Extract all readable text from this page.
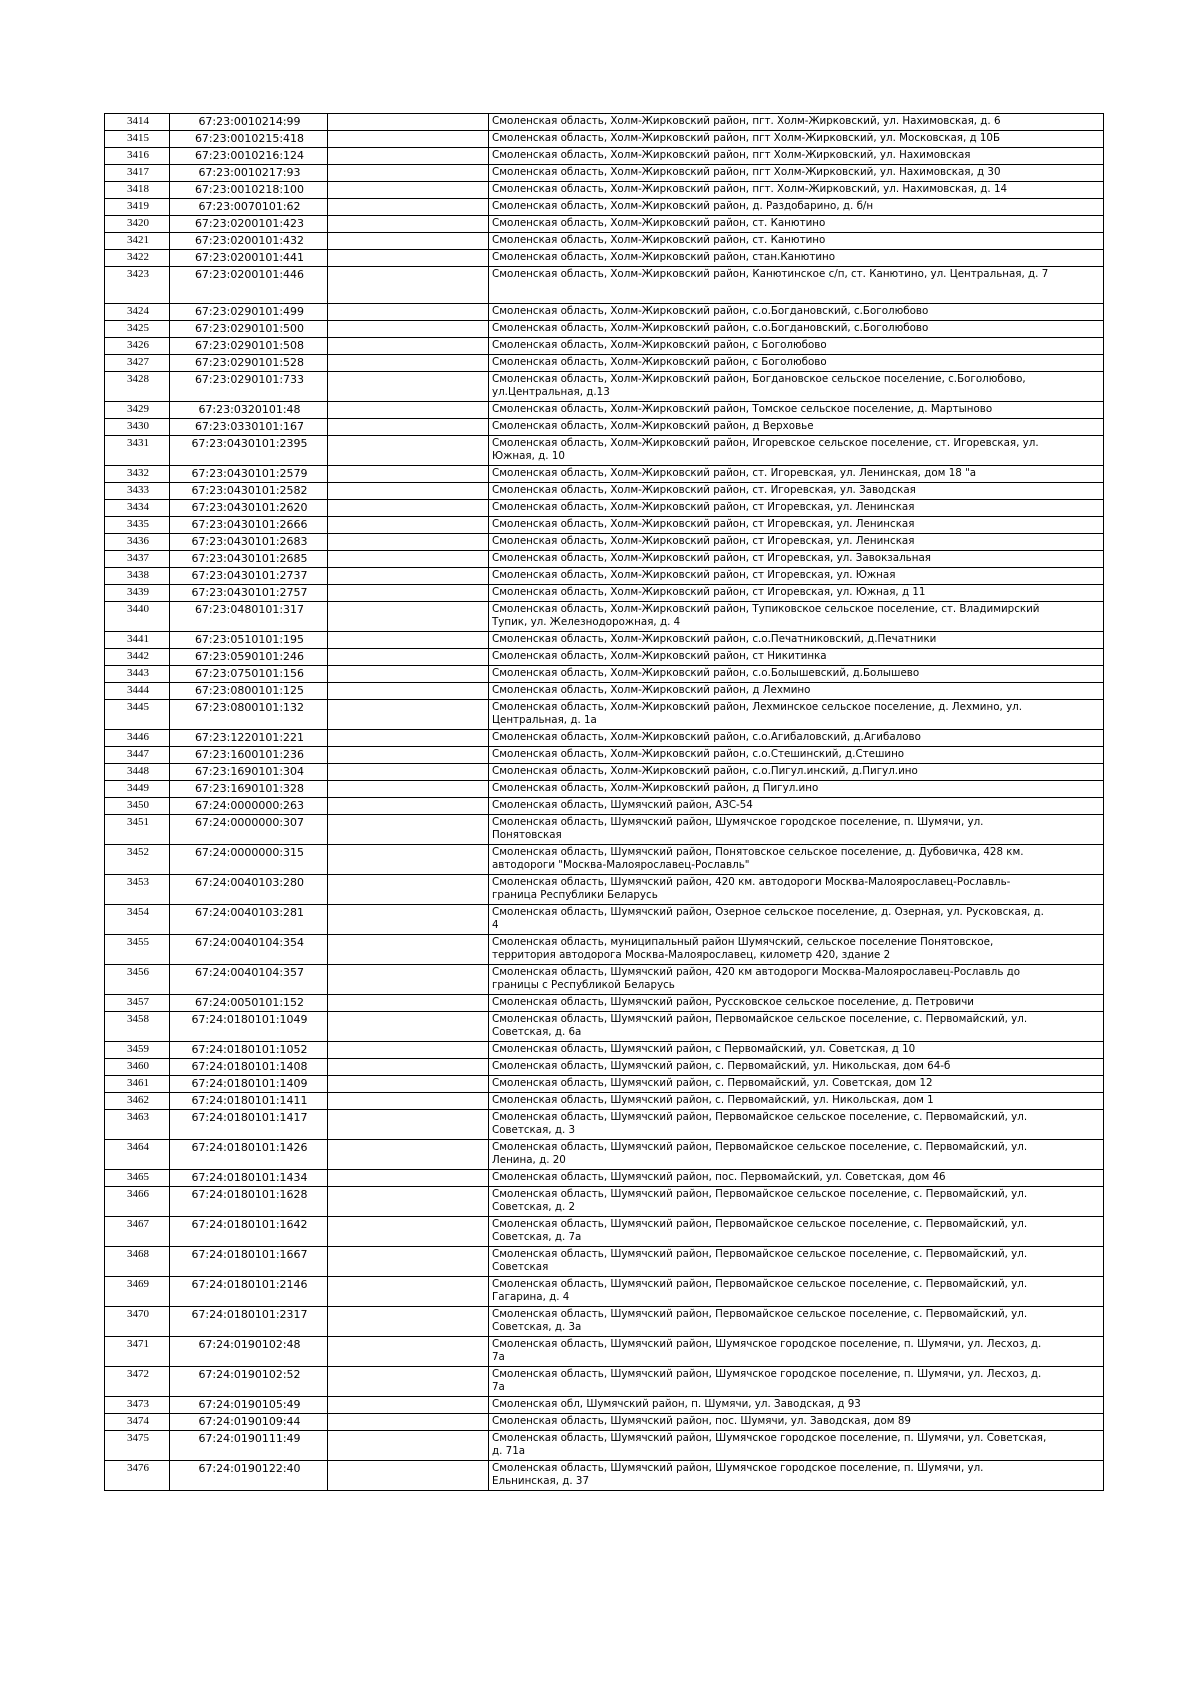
3414	67:23:0010214:99		Смоленская область, Холм-Жирковский район, пгт. Холм-Жирковский, ул. Нахимовская, д. 6

3415	67:23:0010215:418		Смоленская область, Холм-Жирковский район, пгт Холм-Жирковский, ул. Московская, д 10Б

3416	67:23:0010216:124		Смоленская область, Холм-Жирковский район, пгт Холм-Жирковский, ул. Нахимовская

3417	67:23:0010217:93		Смоленская область, Холм-Жирковский район, пгт Холм-Жирковский, ул. Нахимовская, д 30

3418	67:23:0010218:100		Смоленская область, Холм-Жирковский район, пгт. Холм-Жирковский, ул. Нахимовская, д. 14

3419	67:23:0070101:62		Смоленская область, Холм-Жирковский район, д. Раздобарино, д. б/н

3420	67:23:0200101:423		Смоленская область, Холм-Жирковский район, ст. Канютино

3421	67:23:0200101:432		Смоленская область, Холм-Жирковский район, ст. Канютино

3422	67:23:0200101:441		Смоленская область, Холм-Жирковский район, стан.Канютино

3423	67:23:0200101:446		Смоленская область, Холм-Жирковский район, Канютинское с/п, ст. Канютино, ул. Центральная, д. 7

3424	67:23:0290101:499		Смоленская область, Холм-Жирковский район, с.о.Богдановский, с.Боголюбово

3425	67:23:0290101:500		Смоленская область, Холм-Жирковский район, с.о.Богдановский, с.Боголюбово

3426	67:23:0290101:508		Смоленская область, Холм-Жирковский район, с Боголюбово

3427	67:23:0290101:528		Смоленская область, Холм-Жирковский район, с Боголюбово

3428	67:23:0290101:733		Смоленская область, Холм-Жирковский район, Богдановское сельское поселение, с.Боголюбово,
ул.Центральная, д.13

3429	67:23:0320101:48		Смоленская область, Холм-Жирковский район, Томское сельское поселение, д. Мартыново

3430	67:23:0330101:167		Смоленская область, Холм-Жирковский район, д Верховье

3431	67:23:0430101:2395		Смоленская область, Холм-Жирковский район, Игоревское сельское поселение, ст. Игоревская, ул.
Южная, д. 10

3432	67:23:0430101:2579		Смоленская область, Холм-Жирковский район, ст. Игоревская, ул. Ленинская, дом 18 "а

3433	67:23:0430101:2582		Смоленская область, Холм-Жирковский район, ст. Игоревская, ул. Заводская

3434	67:23:0430101:2620		Смоленская область, Холм-Жирковский район, ст Игоревская, ул. Ленинская

3435	67:23:0430101:2666		Смоленская область, Холм-Жирковский район, ст Игоревская, ул. Ленинская

3436	67:23:0430101:2683		Смоленская область, Холм-Жирковский район, ст Игоревская, ул. Ленинская

3437	67:23:0430101:2685		Смоленская область, Холм-Жирковский район, ст Игоревская, ул. Завокзальная

3438	67:23:0430101:2737		Смоленская область, Холм-Жирковский район, ст Игоревская, ул. Южная

3439	67:23:0430101:2757		Смоленская область, Холм-Жирковский район, ст Игоревская, ул. Южная, д 11

3440	67:23:0480101:317		Смоленская область, Холм-Жирковский район, Тупиковское сельское поселение, ст. Владимирский
Тупик, ул. Железнодорожная, д. 4

3441	67:23:0510101:195		Смоленская область, Холм-Жирковский район, с.о.Печатниковский, д.Печатники

3442	67:23:0590101:246		Смоленская область, Холм-Жирковский район, ст Никитинка

3443	67:23:0750101:156		Смоленская область, Холм-Жирковский район, с.о.Болышевский, д.Болышево

3444	67:23:0800101:125		Смоленская область, Холм-Жирковский район, д Лехмино

3445	67:23:0800101:132		Смоленская область, Холм-Жирковский район, Лехминское сельское поселение, д. Лехмино, ул.
Центральная, д. 1а

3446	67:23:1220101:221		Смоленская область, Холм-Жирковский район, с.о.Агибаловский, д.Агибалово

3447	67:23:1600101:236		Смоленская область, Холм-Жирковский район, с.о.Стешинский, д.Стешино

3448	67:23:1690101:304		Смоленская область, Холм-Жирковский район, с.о.Пигул.инский, д.Пигул.ино

3449	67:23:1690101:328		Смоленская область, Холм-Жирковский район, д Пигул.ино

3450	67:24:0000000:263		Смоленская область, Шумячский район, АЗС-54

3451	67:24:0000000:307		Смоленская область, Шумячский район, Шумячское городское поселение, п. Шумячи, ул.
Понятовская

3452	67:24:0000000:315		Смоленская область, Шумячский район, Понятовское сельское поселение, д. Дубовичка, 428 км.
автодороги "Москва-Малоярославец-Рославль"

3453	67:24:0040103:280		Смоленская область, Шумячский район, 420 км. автодороги Москва-Малоярославец-Рославль-
граница Республики Беларусь

3454	67:24:0040103:281		Смоленская область, Шумячский район, Озерное сельское поселение, д. Озерная, ул. Русковская, д.
4

3455	67:24:0040104:354		Смоленская область, муниципальный район Шумячский, сельское поселение Понятовское,
территория автодорога Москва-Малоярославец, километр 420, здание 2

3456	67:24:0040104:357		Смоленская область, Шумячский район, 420 км автодороги Москва-Малоярославец-Рославль до
границы с Республикой Беларусь

3457	67:24:0050101:152		Смоленская область, Шумячский район, Руссковское сельское поселение, д. Петровичи

3458	67:24:0180101:1049		Смоленская область, Шумячский район, Первомайское сельское поселение, с. Первомайский, ул.
Советская, д. 6а

3459	67:24:0180101:1052		Смоленская область, Шумячский район, с Первомайский, ул. Советская, д 10

3460	67:24:0180101:1408		Смоленская область, Шумячский район, с. Первомайский, ул. Никольская, дом 64-б

3461	67:24:0180101:1409		Смоленская область, Шумячский район, с. Первомайский, ул. Советская, дом 12

3462	67:24:0180101:1411		Смоленская область, Шумячский район, с. Первомайский, ул. Никольская, дом 1

3463	67:24:0180101:1417		Смоленская область, Шумячский район, Первомайское сельское поселение, с. Первомайский, ул.
Советская, д. 3

3464	67:24:0180101:1426		Смоленская область, Шумячский район, Первомайское сельское поселение, с. Первомайский, ул.
Ленина, д. 20

3465	67:24:0180101:1434		Смоленская область, Шумячский район, пос. Первомайский, ул. Советская, дом 46

3466	67:24:0180101:1628		Смоленская область, Шумячский район, Первомайское сельское поселение, с. Первомайский, ул.
Советская, д. 2

3467	67:24:0180101:1642		Смоленская область, Шумячский район, Первомайское сельское поселение, с. Первомайский, ул.
Советская, д. 7а

3468	67:24:0180101:1667		Смоленская область, Шумячский район, Первомайское сельское поселение, с. Первомайский, ул.
Советская

3469	67:24:0180101:2146		Смоленская область, Шумячский район, Первомайское сельское поселение, с. Первомайский, ул.
Гагарина, д. 4

3470	67:24:0180101:2317		Смоленская область, Шумячский район, Первомайское сельское поселение, с. Первомайский, ул.
Советская, д. 3а

3471	67:24:0190102:48		Смоленская область, Шумячский район, Шумячское городское поселение, п. Шумячи, ул. Лесхоз, д.
7а

3472	67:24:0190102:52		Смоленская область, Шумячский район, Шумячское городское поселение, п. Шумячи, ул. Лесхоз, д.
7а

3473	67:24:0190105:49		Смоленская обл, Шумячский район, п. Шумячи, ул. Заводская, д 93

3474	67:24:0190109:44		Смоленская область, Шумячский район, пос. Шумячи, ул. Заводская, дом 89

3475	67:24:0190111:49		Смоленская область, Шумячский район, Шумячское городское поселение, п. Шумячи, ул. Советская,
д. 71а

3476	67:24:0190122:40		Смоленская область, Шумячский район, Шумячское городское поселение, п. Шумячи, ул.
Ельнинская, д. 37
